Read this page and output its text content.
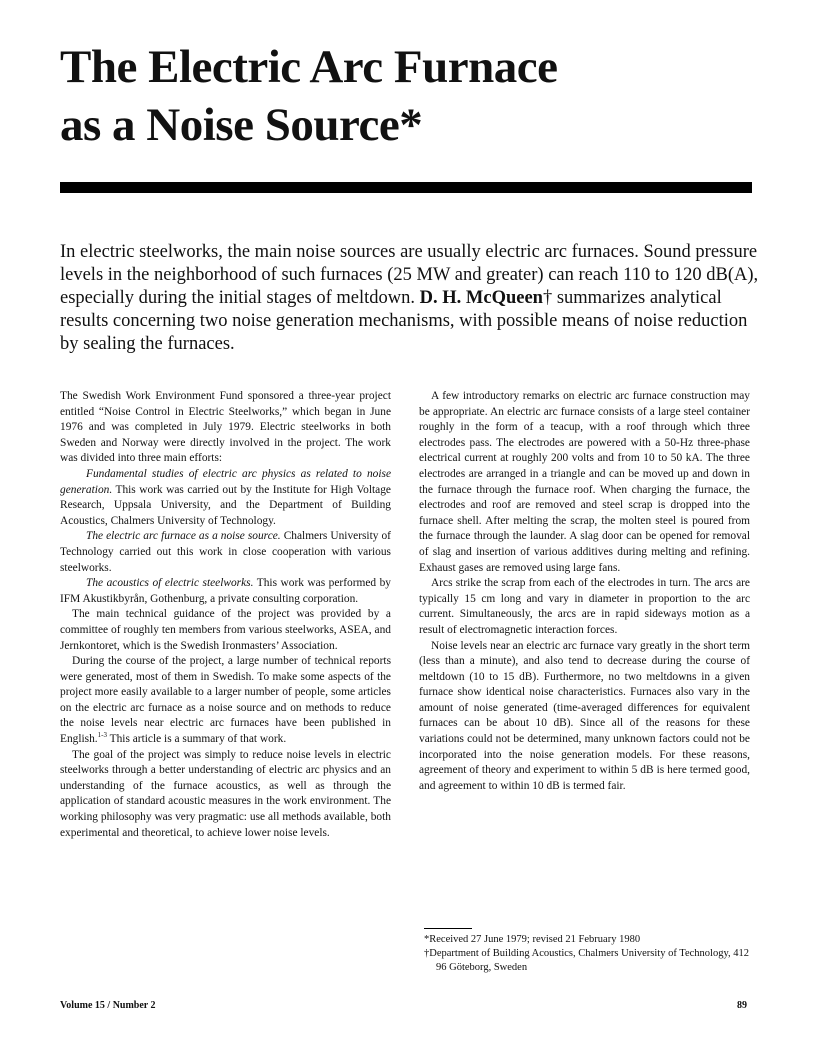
The Electric Arc Furnace
as a Noise Source*

In electric steelworks, the main noise sources are usually electric arc furnaces. Sound pressure levels in the neighborhood of such furnaces (25 MW and greater) can reach 110 to 120 dB(A), especially during the initial stages of meltdown. D. H. McQueen† summarizes analytical results concerning two noise generation mechanisms, with possible means of noise reduction by sealing the furnaces.

The Swedish Work Environment Fund sponsored a three-year project entitled “Noise Control in Electric Steelworks,” which began in June 1976 and was completed in July 1979. Electric steelworks in both Sweden and Norway were directly involved in the project. The work was divided into three main efforts:

Fundamental studies of electric arc physics as related to noise generation. This work was carried out by the Institute for High Voltage Research, Uppsala University, and the Department of Building Acoustics, Chalmers University of Technology.

The electric arc furnace as a noise source. Chalmers University of Technology carried out this work in close cooperation with various steelworks.

The acoustics of electric steelworks. This work was performed by IFM Akustikbyrån, Gothenburg, a private consulting corporation.

The main technical guidance of the project was provided by a committee of roughly ten members from various steelworks, ASEA, and Jernkontoret, which is the Swedish Ironmasters’ Association.

During the course of the project, a large number of technical reports were generated, most of them in Swedish. To make some aspects of the project more easily available to a larger number of people, some articles on the electric arc furnace as a noise source and on methods to reduce the noise levels near electric arc furnaces have been published in English.$^{1-3}$ This article is a summary of that work.

The goal of the project was simply to reduce noise levels in electric steelworks through a better understanding of electric arc physics and an understanding of the furnace acoustics, as well as through the application of standard acoustic measures in the work environment. The working philosophy was very pragmatic: use all methods available, both experimental and theoretical, to achieve lower noise levels.

A few introductory remarks on electric arc furnace construction may be appropriate. An electric arc furnace consists of a large steel container roughly in the form of a teacup, with a roof through which three electrodes pass. The electrodes are powered with a 50-Hz three-phase electrical current at roughly 200 volts and from 10 to 50 kA. The three electrodes are arranged in a triangle and can be moved up and down in the furnace through the furnace roof. When charging the furnace, the electrodes and roof are removed and steel scrap is dropped into the furnace shell. After melting the scrap, the molten steel is poured from the furnace through the launder. A slag door can be opened for removal of slag and insertion of various additives during melting and refining. Exhaust gases are removed using large fans.

Arcs strike the scrap from each of the electrodes in turn. The arcs are typically 15 cm long and vary in diameter in proportion to the arc current. Simultaneously, the arcs are in rapid sideways motion as a result of electromagnetic interaction forces.

Noise levels near an electric arc furnace vary greatly in the short term (less than a minute), and also tend to decrease during the course of meltdown (10 to 15 dB). Furthermore, no two meltdowns in a given furnace show identical noise characteristics. Furnaces also vary in the amount of noise generated (time-averaged differences for equivalent furnaces can be about 10 dB). Since all of the reasons for these variations could not be determined, many unknown factors could not be incorporated into the noise generation models. For these reasons, agreement of theory and experiment to within 5 dB is here termed good, and agreement to within 10 dB is termed fair.

*Received 27 June 1979; revised 21 February 1980

†Department of Building Acoustics, Chalmers University of Technology, 412 96 Göteborg, Sweden

Volume 15 / Number 2	89
